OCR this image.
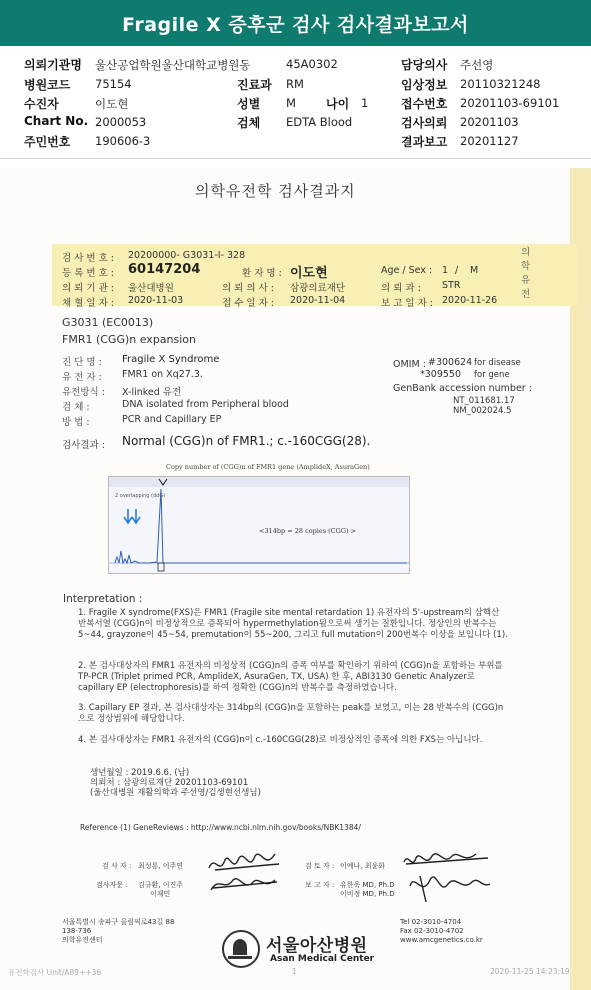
Fragile X 증후군 검사 검사결과보고서
의뢰기관명 울산공업학원울산대학교병원동	45A0302	담당의사 주선영
병원코드 75154	진료과 RM	임상정보 20110321248
수진자	이도현	성별 M	나이 1	접수번호 20201103-69101
Chart No. 2000053	검체 EDTA Blood	검사의뢰 20201103
주민번호 190606-3	결과보고 20201127
의학유전학 검사결과지
의 학 유 전
검 사 번 호 : 20200000- G3031-I- 328
등 록 번 호 : 60147204	환 자 명 : 이도현	Age / Sex : 1 / M
의 뢰 기 관 : 울산대병원	의 뢰 의 사 : 삼광의료재단	의 뢰 과 : STR
채 혈 일 자 : 2020-11-03	접 수 일 자 : 2020-11-04	보 고 일 자 : 2020-11-26
G3031 (EC0013)
FMR1 (CGG)n expansion
진 단 명 :	Fragile X Syndrome
유 전 자 :	FMR1 on Xq27.3.
유전방식 :	X-linked 유전
검 체 :	DNA isolated from Peripheral blood
방 법 :	PCR and Capillary EP
OMIM : #300624 for disease
*309550 for gene
GenBank accession number :
NT_011681.17
NM_002024.5
검사결과 : Normal (CGG)n of FMR1.; c.-160CGG(28).
Copy number of (CGG)n of FMR1 gene (AmplideX, AsuraGen)
2 overlapping (ddG)
<314bp = 28 copies (CGG) >
Interpretation :
1. Fragile X syndrome(FXS)은 FMR1 (Fragile site mental retardation 1) 유전자의 5'-upstream의 삼핵산 반복서열 (CGG)n이 비정상적으로 증폭되어 hypermethylation됨으로써 생기는 질환입니다. 정상인의 반복수는 5~44, grayzone이 45~54, premutation이 55~200, 그리고 full mutation이 200번복수 이상을 보입니다 (1).
2. 본 검사대상자의 FMR1 유전자의 비정상적 (CGG)n의 증폭 여부를 확인하기 위하여 (CGG)n을 포함하는 부위를 TP-PCR (Triplet primed PCR, AmplideX, AsuraGen, TX, USA) 한 후, ABI3130 Genetic Analyzer로 capillary EP (electrophoresis)를 하여 정확한 (CGG)n의 반복수를 측정하였습니다.
3. Capillary EP 결과, 본 검사대상자는 314bp의 (CGG)n을 포함하는 peak를 보였고, 이는 28 반복수의 (CGG)n으로 정상범위에 해당합니다.
4. 본 검사대상자는 FMR1 유전자의 (CGG)n이 c.-160CGG(28)로 비정상적인 증폭에 의한 FXS는 아닙니다.
생년월일 : 2019.6.6. (남)
의뢰처 : 삼광의료재단 20201103-69101
(울산대병원 재활의학과 주선영/김생현선생님)
Reference (1) GeneReviews : http://www.ncbi.nlm.nih.gov/books/NBK1384/
검 사 자 : 최성룡, 이주연
검사자문 : 김규환, 이진주
이재민
검 토 자 : 이예나, 최윤화
보 고 자 : 유한욱 MD, Ph.D
이비정 MD, Ph.D
서울특별시 송파구 올림픽로43길 88
138-736
의학유전센터
Tel 02-3010-4704
Fax 02-3010-4702
www.amcgenetics.co.kr
서울아산병원
Asan Medical Center
유전학검사 Unit/A89++36	1	2020-11-25 14:23:19
